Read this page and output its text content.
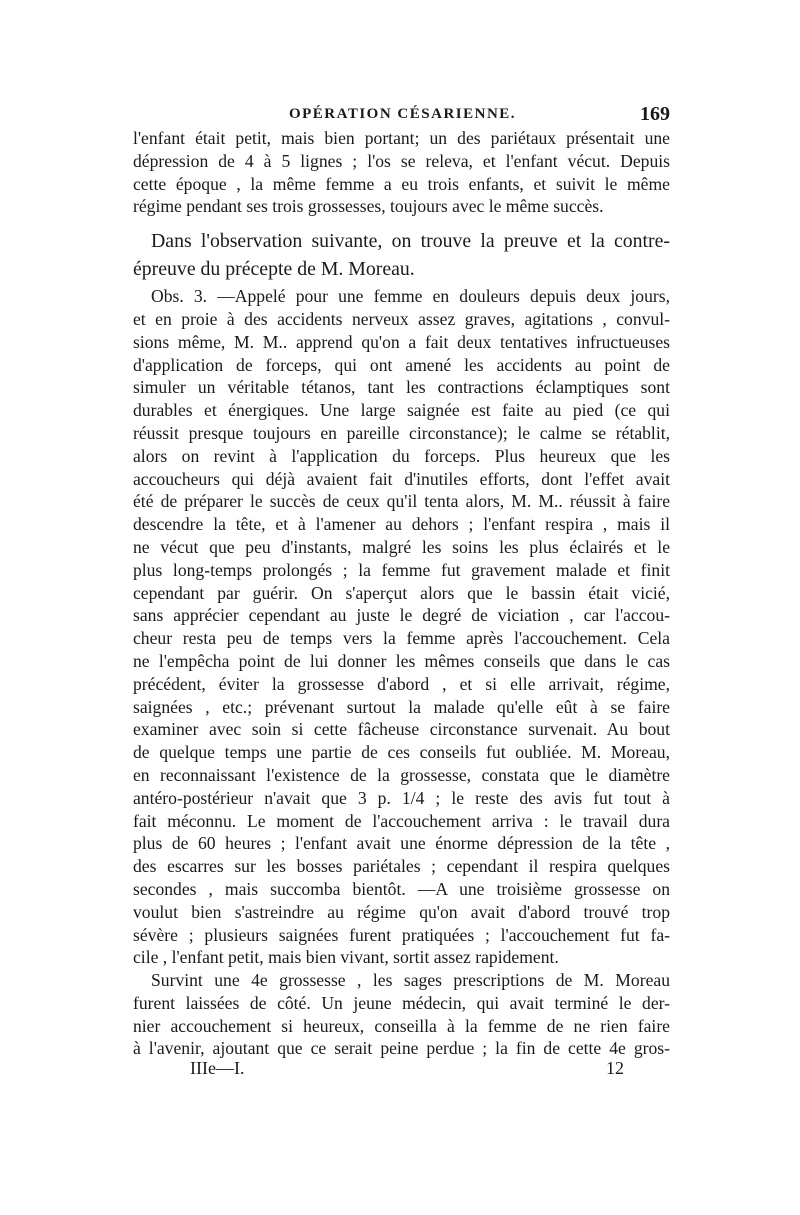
OPÉRATION CÉSARIENNE.	169
l'enfant était petit, mais bien portant; un des pariétaux présentait une
dépression de 4 à 5 lignes ; l'os se releva, et l'enfant vécut. Depuis
cette époque , la même femme a eu trois enfants, et suivit le même
régime pendant ses trois grossesses, toujours avec le même succès.
Dans l'observation suivante, on trouve la preuve et la contre-
épreuve du précepte de M. Moreau.
Obs. 3. —Appelé pour une femme en douleurs depuis deux jours,
et en proie à des accidents nerveux assez graves, agitations , convul-
sions même, M. M.. apprend qu'on a fait deux tentatives infructueuses
d'application de forceps, qui ont amené les accidents au point de
simuler un véritable tétanos, tant les contractions éclamptiques sont
durables et énergiques. Une large saignée est faite au pied (ce qui
réussit presque toujours en pareille circonstance); le calme se rétablit,
alors on revint à l'application du forceps. Plus heureux que les
accoucheurs qui déjà avaient fait d'inutiles efforts, dont l'effet avait
été de préparer le succès de ceux qu'il tenta alors, M. M.. réussit à faire
descendre la tête, et à l'amener au dehors ; l'enfant respira , mais il
ne vécut que peu d'instants, malgré les soins les plus éclairés et le
plus long-temps prolongés ; la femme fut gravement malade et finit
cependant par guérir. On s'aperçut alors que le bassin était vicié,
sans apprécier cependant au juste le degré de viciation , car l'accou-
cheur resta peu de temps vers la femme après l'accouchement. Cela
ne l'empêcha point de lui donner les mêmes conseils que dans le cas
précédent, éviter la grossesse d'abord , et si elle arrivait, régime,
saignées , etc.; prévenant surtout la malade qu'elle eût à se faire
examiner avec soin si cette fâcheuse circonstance survenait. Au bout
de quelque temps une partie de ces conseils fut oubliée. M. Moreau,
en reconnaissant l'existence de la grossesse, constata que le diamètre
antéro-postérieur n'avait que 3 p. 1/4 ; le reste des avis fut tout à
fait méconnu. Le moment de l'accouchement arriva : le travail dura
plus de 60 heures ; l'enfant avait une énorme dépression de la tête ,
des escarres sur les bosses pariétales ; cependant il respira quelques
secondes , mais succomba bientôt. —A une troisième grossesse on
voulut bien s'astreindre au régime qu'on avait d'abord trouvé trop
sévère ; plusieurs saignées furent pratiquées ; l'accouchement fut fa-
cile , l'enfant petit, mais bien vivant, sortit assez rapidement.
Survint une 4e grossesse , les sages prescriptions de M. Moreau
furent laissées de côté. Un jeune médecin, qui avait terminé le der-
nier accouchement si heureux, conseilla à la femme de ne rien faire
à l'avenir, ajoutant que ce serait peine perdue ; la fin de cette 4e gros-
IIIe—I.	12
